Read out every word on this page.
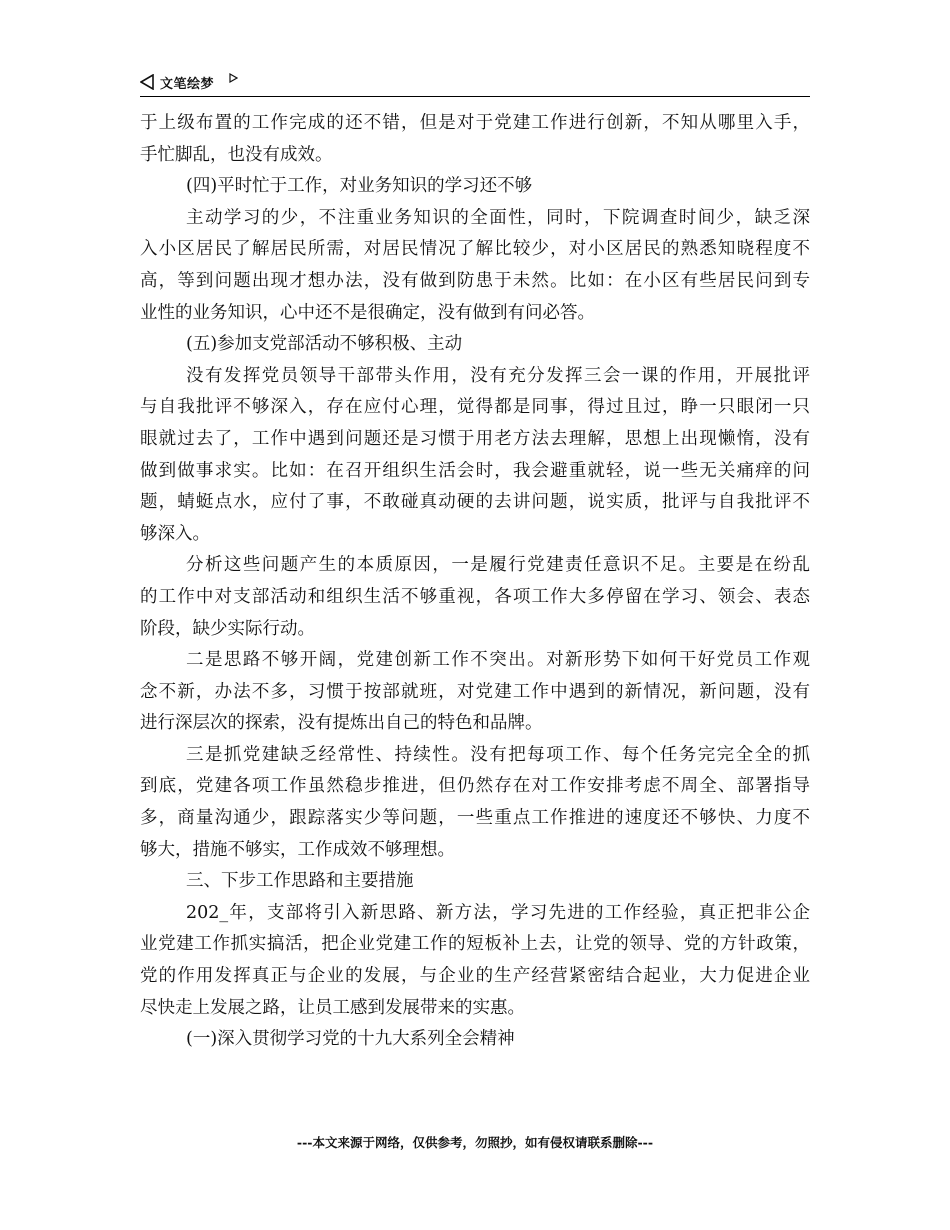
文笔绘梦
于上级布置的工作完成的还不错，但是对于党建工作进行创新，不知从哪里入手，
手忙脚乱，也没有成效。
(四)平时忙于工作，对业务知识的学习还不够
主动学习的少，不注重业务知识的全面性，同时，下院调查时间少，缺乏深
入小区居民了解居民所需，对居民情况了解比较少，对小区居民的熟悉知晓程度不
高，等到问题出现才想办法，没有做到防患于未然。比如：在小区有些居民问到专
业性的业务知识，心中还不是很确定，没有做到有问必答。
(五)参加支党部活动不够积极、主动
没有发挥党员领导干部带头作用，没有充分发挥三会一课的作用，开展批评
与自我批评不够深入，存在应付心理，觉得都是同事，得过且过，睁一只眼闭一只
眼就过去了，工作中遇到问题还是习惯于用老方法去理解，思想上出现懒惰，没有
做到做事求实。比如：在召开组织生活会时，我会避重就轻，说一些无关痛痒的问
题，蜻蜓点水，应付了事，不敢碰真动硬的去讲问题，说实质，批评与自我批评不
够深入。
分析这些问题产生的本质原因，一是履行党建责任意识不足。主要是在纷乱
的工作中对支部活动和组织生活不够重视，各项工作大多停留在学习、领会、表态
阶段，缺少实际行动。
二是思路不够开阔，党建创新工作不突出。对新形势下如何干好党员工作观
念不新，办法不多，习惯于按部就班，对党建工作中遇到的新情况，新问题，没有
进行深层次的探索，没有提炼出自己的特色和品牌。
三是抓党建缺乏经常性、持续性。没有把每项工作、每个任务完完全全的抓
到底，党建各项工作虽然稳步推进，但仍然存在对工作安排考虑不周全、部署指导
多，商量沟通少，跟踪落实少等问题，一些重点工作推进的速度还不够快、力度不
够大，措施不够实，工作成效不够理想。
三、下步工作思路和主要措施
202_年，支部将引入新思路、新方法，学习先进的工作经验，真正把非公企
业党建工作抓实搞活，把企业党建工作的短板补上去，让党的领导、党的方针政策，
党的作用发挥真正与企业的发展，与企业的生产经营紧密结合起业，大力促进企业
尽快走上发展之路，让员工感到发展带来的实惠。
(一)深入贯彻学习党的十九大系列全会精神
---本文来源于网络，仅供参考，勿照抄，如有侵权请联系删除---
